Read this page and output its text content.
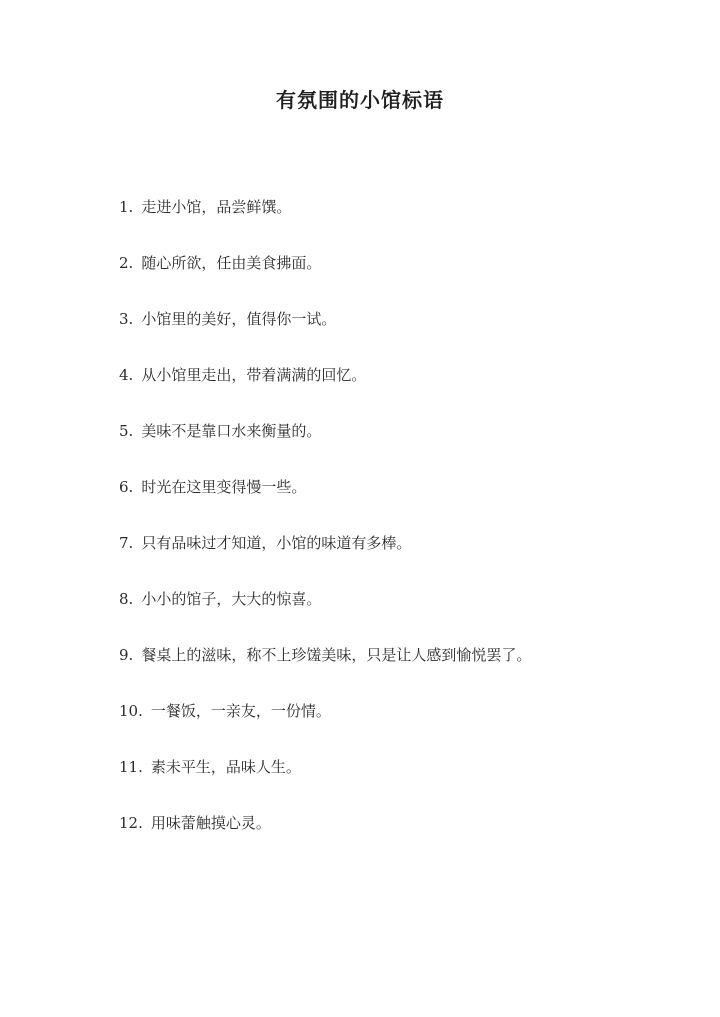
有氛围的小馆标语
1. 走进小馆，品尝鲜馔。
2. 随心所欲，任由美食拂面。
3. 小馆里的美好，值得你一试。
4. 从小馆里走出，带着满满的回忆。
5. 美味不是靠口水来衡量的。
6. 时光在这里变得慢一些。
7. 只有品味过才知道，小馆的味道有多棒。
8. 小小的馆子，大大的惊喜。
9. 餐桌上的滋味，称不上珍馐美味，只是让人感到愉悦罢了。
10. 一餐饭，一亲友，一份情。
11. 素未平生，品味人生。
12. 用味蕾触摸心灵。
